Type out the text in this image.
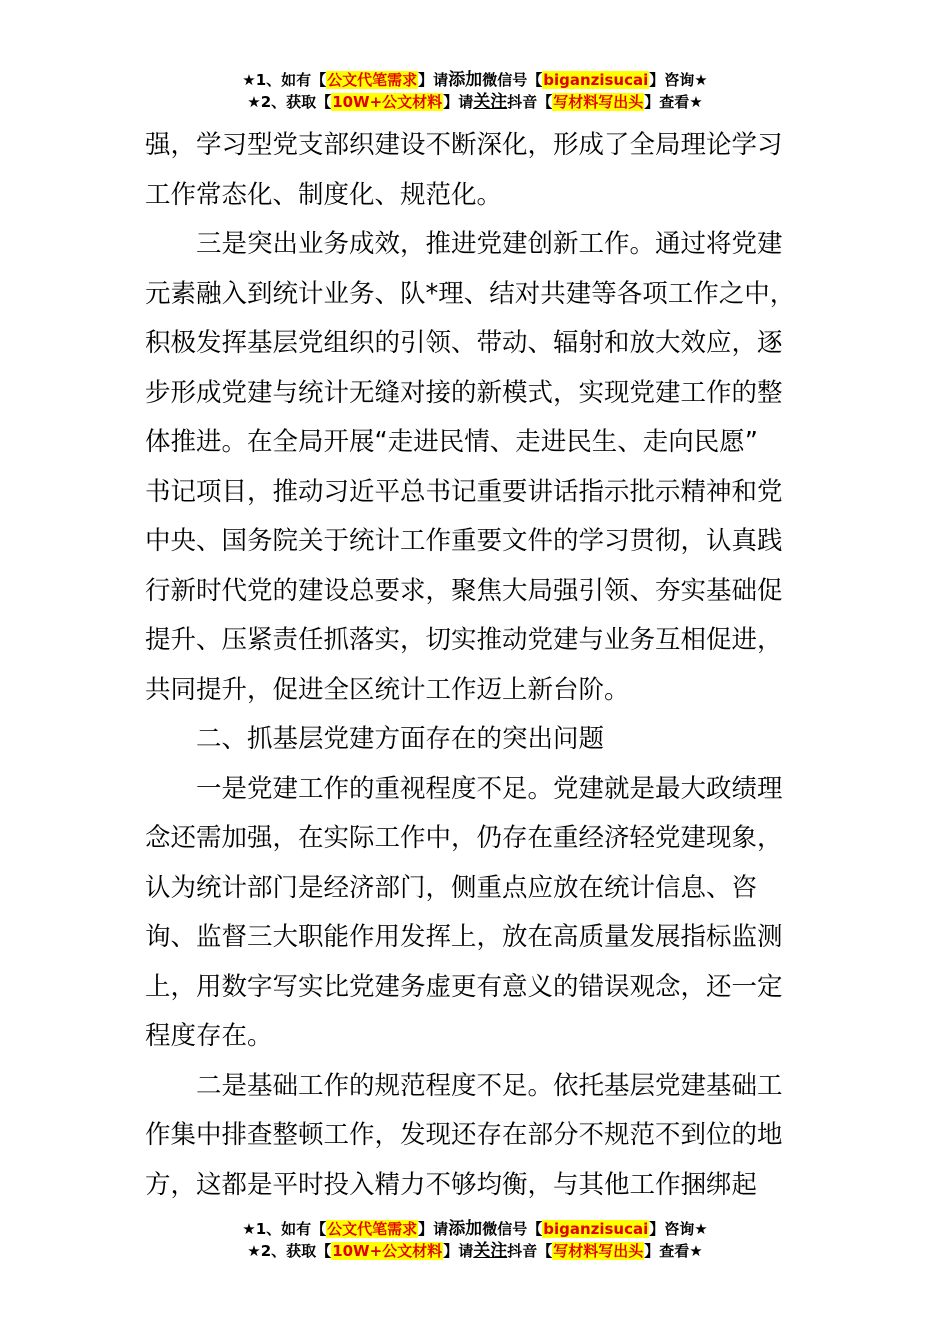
★1、如有【公文代笔需求】请添加微信号【biganzisucai】咨询★
★2、获取【10W+公文材料】请关注抖音【写材料写出头】查看★

强，学习型党支部织建设不断深化，形成了全局理论学习
工作常态化、制度化、规范化。

三是突出业务成效，推进党建创新工作。通过将党建
元素融入到统计业务、队*理、结对共建等各项工作之中，
积极发挥基层党组织的引领、带动、辐射和放大效应，逐
步形成党建与统计无缝对接的新模式，实现党建工作的整
体推进。在全局开展“走进民情、走进民生、走向民愿”
书记项目，推动习近平总书记重要讲话指示批示精神和党
中央、国务院关于统计工作重要文件的学习贯彻，认真践
行新时代党的建设总要求，聚焦大局强引领、夯实基础促
提升、压紧责任抓落实，切实推动党建与业务互相促进，
共同提升，促进全区统计工作迈上新台阶。

二、抓基层党建方面存在的突出问题

一是党建工作的重视程度不足。党建就是最大政绩理
念还需加强，在实际工作中，仍存在重经济轻党建现象，
认为统计部门是经济部门，侧重点应放在统计信息、咨
询、监督三大职能作用发挥上，放在高质量发展指标监测
上，用数字写实比党建务虚更有意义的错误观念，还一定
程度存在。

二是基础工作的规范程度不足。依托基层党建基础工
作集中排查整顿工作，发现还存在部分不规范不到位的地
方，这都是平时投入精力不够均衡，与其他工作捆绑起

★1、如有【公文代笔需求】请添加微信号【biganzisucai】咨询★
★2、获取【10W+公文材料】请关注抖音【写材料写出头】查看★
